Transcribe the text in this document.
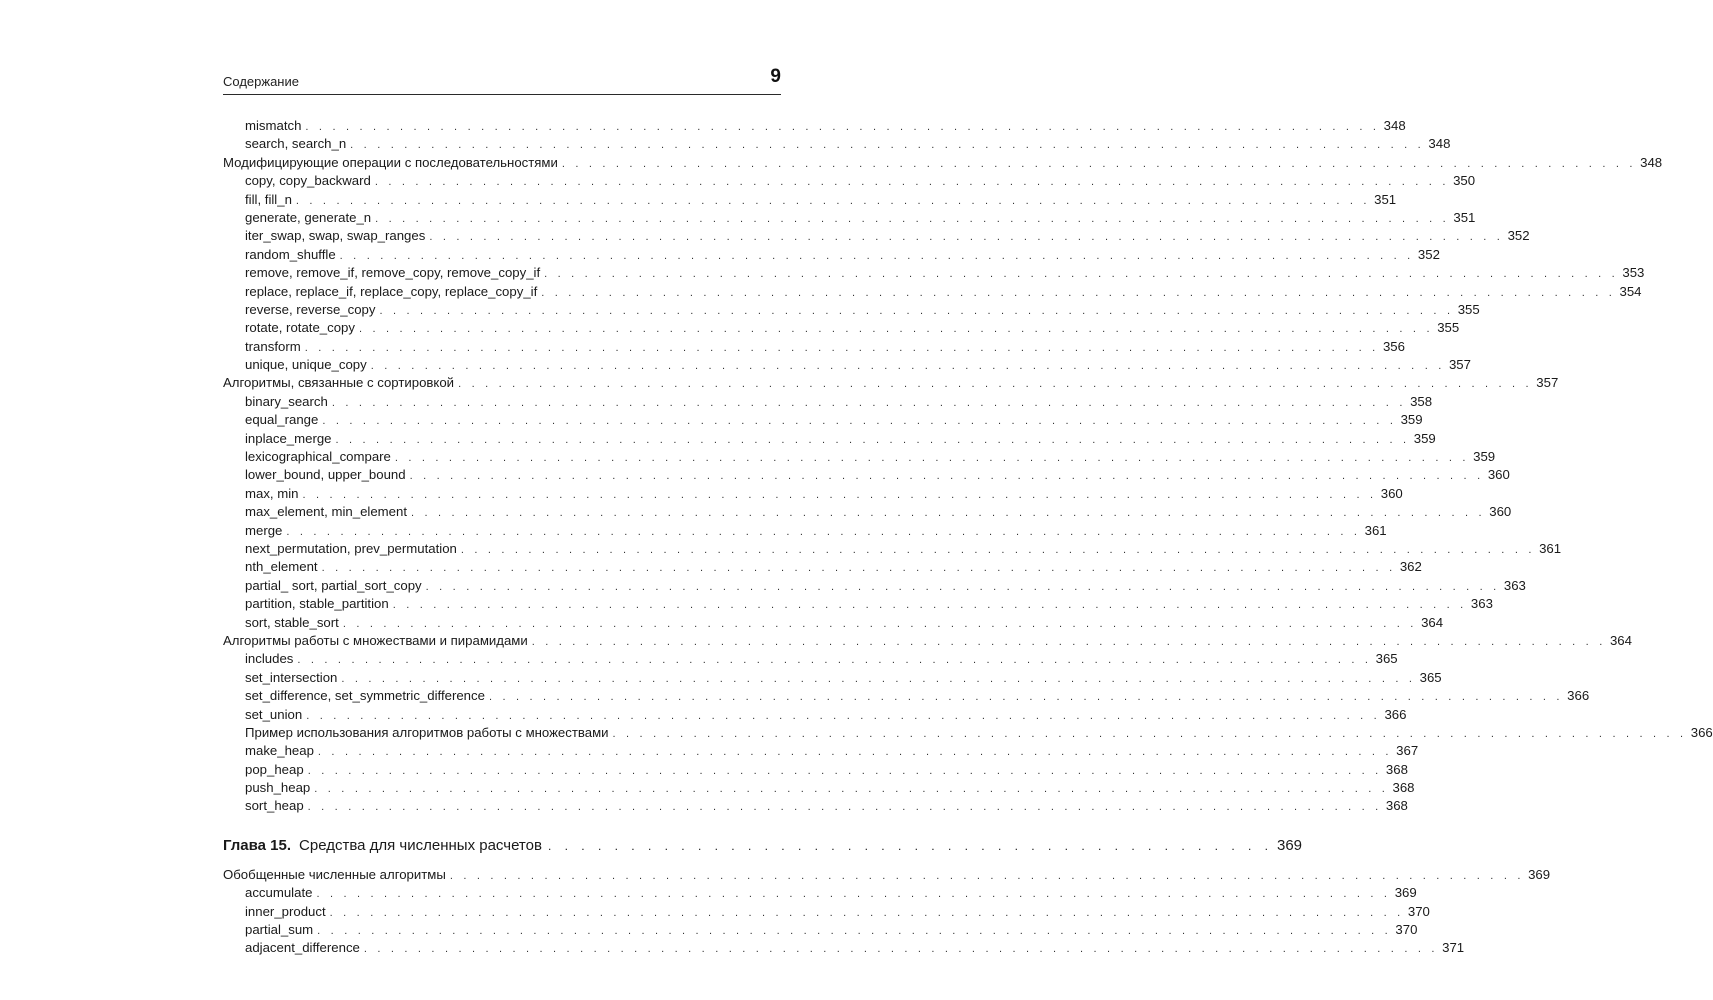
Содержание	9
mismatch . . . . . . . . . . . . . . . . . . . . . . . . . . . . . . . . . . . . . . . . . . . . . . . . . . . . . . . . . . . . . . . . . . . . . . . . . . . . . . . . 348
search, search_n . . . . . . . . . . . . . . . . . . . . . . . . . . . . . . . . . . . . . . . . . . . . . . . . . . . . . . . . . . . . . . . . . . . . . . . . . . . . . . . . 348
Модифицирующие операции с последовательностями . . . . . . . . . . . . . . . . . . . . . . . . . . . . . . . . . . . . . . . . . . . . . . . . . . . . . . . . . . . . . . . . . . . . . . . . . . . . . . . . 348
copy, copy_backward . . . . . . . . . . . . . . . . . . . . . . . . . . . . . . . . . . . . . . . . . . . . . . . . . . . . . . . . . . . . . . . . . . . . . . . . . . . . . . . . 350
fill, fill_n . . . . . . . . . . . . . . . . . . . . . . . . . . . . . . . . . . . . . . . . . . . . . . . . . . . . . . . . . . . . . . . . . . . . . . . . . . . . . . . . 351
generate, generate_n . . . . . . . . . . . . . . . . . . . . . . . . . . . . . . . . . . . . . . . . . . . . . . . . . . . . . . . . . . . . . . . . . . . . . . . . . . . . . . . . 351
iter_swap, swap, swap_ranges . . . . . . . . . . . . . . . . . . . . . . . . . . . . . . . . . . . . . . . . . . . . . . . . . . . . . . . . . . . . . . . . . . . . . . . . . . . . . . . . 352
random_shuffle . . . . . . . . . . . . . . . . . . . . . . . . . . . . . . . . . . . . . . . . . . . . . . . . . . . . . . . . . . . . . . . . . . . . . . . . . . . . . . . . 352
remove, remove_if, remove_copy, remove_copy_if . . . . . . . . . . . . . . . . . . . . . . . . . . . . . . . . . . . . . . . . . . . . . . . . . . . . . . . . . . . . . . . . . . . . . . . . . . . . . . . . 353
replace, replace_if, replace_copy, replace_copy_if . . . . . . . . . . . . . . . . . . . . . . . . . . . . . . . . . . . . . . . . . . . . . . . . . . . . . . . . . . . . . . . . . . . . . . . . . . . . . . . . 354
reverse, reverse_copy . . . . . . . . . . . . . . . . . . . . . . . . . . . . . . . . . . . . . . . . . . . . . . . . . . . . . . . . . . . . . . . . . . . . . . . . . . . . . . . . 355
rotate, rotate_copy . . . . . . . . . . . . . . . . . . . . . . . . . . . . . . . . . . . . . . . . . . . . . . . . . . . . . . . . . . . . . . . . . . . . . . . . . . . . . . . . 355
transform . . . . . . . . . . . . . . . . . . . . . . . . . . . . . . . . . . . . . . . . . . . . . . . . . . . . . . . . . . . . . . . . . . . . . . . . . . . . . . . . 356
unique, unique_copy . . . . . . . . . . . . . . . . . . . . . . . . . . . . . . . . . . . . . . . . . . . . . . . . . . . . . . . . . . . . . . . . . . . . . . . . . . . . . . . . 357
Алгоритмы, связанные с сортировкой . . . . . . . . . . . . . . . . . . . . . . . . . . . . . . . . . . . . . . . . . . . . . . . . . . . . . . . . . . . . . . . . . . . . . . . . . . . . . . . . 357
binary_search . . . . . . . . . . . . . . . . . . . . . . . . . . . . . . . . . . . . . . . . . . . . . . . . . . . . . . . . . . . . . . . . . . . . . . . . . . . . . . . . 358
equal_range . . . . . . . . . . . . . . . . . . . . . . . . . . . . . . . . . . . . . . . . . . . . . . . . . . . . . . . . . . . . . . . . . . . . . . . . . . . . . . . . 359
inplace_merge . . . . . . . . . . . . . . . . . . . . . . . . . . . . . . . . . . . . . . . . . . . . . . . . . . . . . . . . . . . . . . . . . . . . . . . . . . . . . . . . 359
lexicographical_compare . . . . . . . . . . . . . . . . . . . . . . . . . . . . . . . . . . . . . . . . . . . . . . . . . . . . . . . . . . . . . . . . . . . . . . . . . . . . . . . . 359
lower_bound, upper_bound . . . . . . . . . . . . . . . . . . . . . . . . . . . . . . . . . . . . . . . . . . . . . . . . . . . . . . . . . . . . . . . . . . . . . . . . . . . . . . . . 360
max, min . . . . . . . . . . . . . . . . . . . . . . . . . . . . . . . . . . . . . . . . . . . . . . . . . . . . . . . . . . . . . . . . . . . . . . . . . . . . . . . . 360
max_element, min_element . . . . . . . . . . . . . . . . . . . . . . . . . . . . . . . . . . . . . . . . . . . . . . . . . . . . . . . . . . . . . . . . . . . . . . . . . . . . . . . . 360
merge . . . . . . . . . . . . . . . . . . . . . . . . . . . . . . . . . . . . . . . . . . . . . . . . . . . . . . . . . . . . . . . . . . . . . . . . . . . . . . . . 361
next_permutation, prev_permutation . . . . . . . . . . . . . . . . . . . . . . . . . . . . . . . . . . . . . . . . . . . . . . . . . . . . . . . . . . . . . . . . . . . . . . . . . . . . . . . . 361
nth_element . . . . . . . . . . . . . . . . . . . . . . . . . . . . . . . . . . . . . . . . . . . . . . . . . . . . . . . . . . . . . . . . . . . . . . . . . . . . . . . . 362
partial_ sort, partial_sort_copy . . . . . . . . . . . . . . . . . . . . . . . . . . . . . . . . . . . . . . . . . . . . . . . . . . . . . . . . . . . . . . . . . . . . . . . . . . . . . . . . 363
partition, stable_partition . . . . . . . . . . . . . . . . . . . . . . . . . . . . . . . . . . . . . . . . . . . . . . . . . . . . . . . . . . . . . . . . . . . . . . . . . . . . . . . . 363
sort, stable_sort . . . . . . . . . . . . . . . . . . . . . . . . . . . . . . . . . . . . . . . . . . . . . . . . . . . . . . . . . . . . . . . . . . . . . . . . . . . . . . . . 364
Алгоритмы работы с множествами и пирамидами . . . . . . . . . . . . . . . . . . . . . . . . . . . . . . . . . . . . . . . . . . . . . . . . . . . . . . . . . . . . . . . . . . . . . . . . . . . . . . . . 364
includes . . . . . . . . . . . . . . . . . . . . . . . . . . . . . . . . . . . . . . . . . . . . . . . . . . . . . . . . . . . . . . . . . . . . . . . . . . . . . . . . 365
set_intersection . . . . . . . . . . . . . . . . . . . . . . . . . . . . . . . . . . . . . . . . . . . . . . . . . . . . . . . . . . . . . . . . . . . . . . . . . . . . . . . . 365
set_difference, set_symmetric_difference . . . . . . . . . . . . . . . . . . . . . . . . . . . . . . . . . . . . . . . . . . . . . . . . . . . . . . . . . . . . . . . . . . . . . . . . . . . . . . . . 366
set_union . . . . . . . . . . . . . . . . . . . . . . . . . . . . . . . . . . . . . . . . . . . . . . . . . . . . . . . . . . . . . . . . . . . . . . . . . . . . . . . . 366
Пример использования алгоритмов работы с множествами . . . . . . . . . . . . . . . . . . . . . . . . . . . . . . . . . . . . . . . . . . . . . . . . . . . . . . . . . . . . . . . . . . . . . . . . . . . . . . . . 366
make_heap . . . . . . . . . . . . . . . . . . . . . . . . . . . . . . . . . . . . . . . . . . . . . . . . . . . . . . . . . . . . . . . . . . . . . . . . . . . . . . . . 367
pop_heap . . . . . . . . . . . . . . . . . . . . . . . . . . . . . . . . . . . . . . . . . . . . . . . . . . . . . . . . . . . . . . . . . . . . . . . . . . . . . . . . 368
push_heap . . . . . . . . . . . . . . . . . . . . . . . . . . . . . . . . . . . . . . . . . . . . . . . . . . . . . . . . . . . . . . . . . . . . . . . . . . . . . . . . 368
sort_heap . . . . . . . . . . . . . . . . . . . . . . . . . . . . . . . . . . . . . . . . . . . . . . . . . . . . . . . . . . . . . . . . . . . . . . . . . . . . . . . . 368
Глава 15. Средства для численных расчетов . . . . . . . . . . . . . . . . . . . . . . . . . . . . . . . . . . . . . . . . . . . . 369
Обобщенные численные алгоритмы . . . . . . . . . . . . . . . . . . . . . . . . . . . . . . . . . . . . . . . . . . . . . . . . . . . . . . . . . . . . . . . . . . . . . . . . . . . . . . . . 369
accumulate . . . . . . . . . . . . . . . . . . . . . . . . . . . . . . . . . . . . . . . . . . . . . . . . . . . . . . . . . . . . . . . . . . . . . . . . . . . . . . . . 369
inner_product . . . . . . . . . . . . . . . . . . . . . . . . . . . . . . . . . . . . . . . . . . . . . . . . . . . . . . . . . . . . . . . . . . . . . . . . . . . . . . . . 370
partial_sum . . . . . . . . . . . . . . . . . . . . . . . . . . . . . . . . . . . . . . . . . . . . . . . . . . . . . . . . . . . . . . . . . . . . . . . . . . . . . . . . 370
adjacent_difference . . . . . . . . . . . . . . . . . . . . . . . . . . . . . . . . . . . . . . . . . . . . . . . . . . . . . . . . . . . . . . . . . . . . . . . . . . . . . . . . 371
